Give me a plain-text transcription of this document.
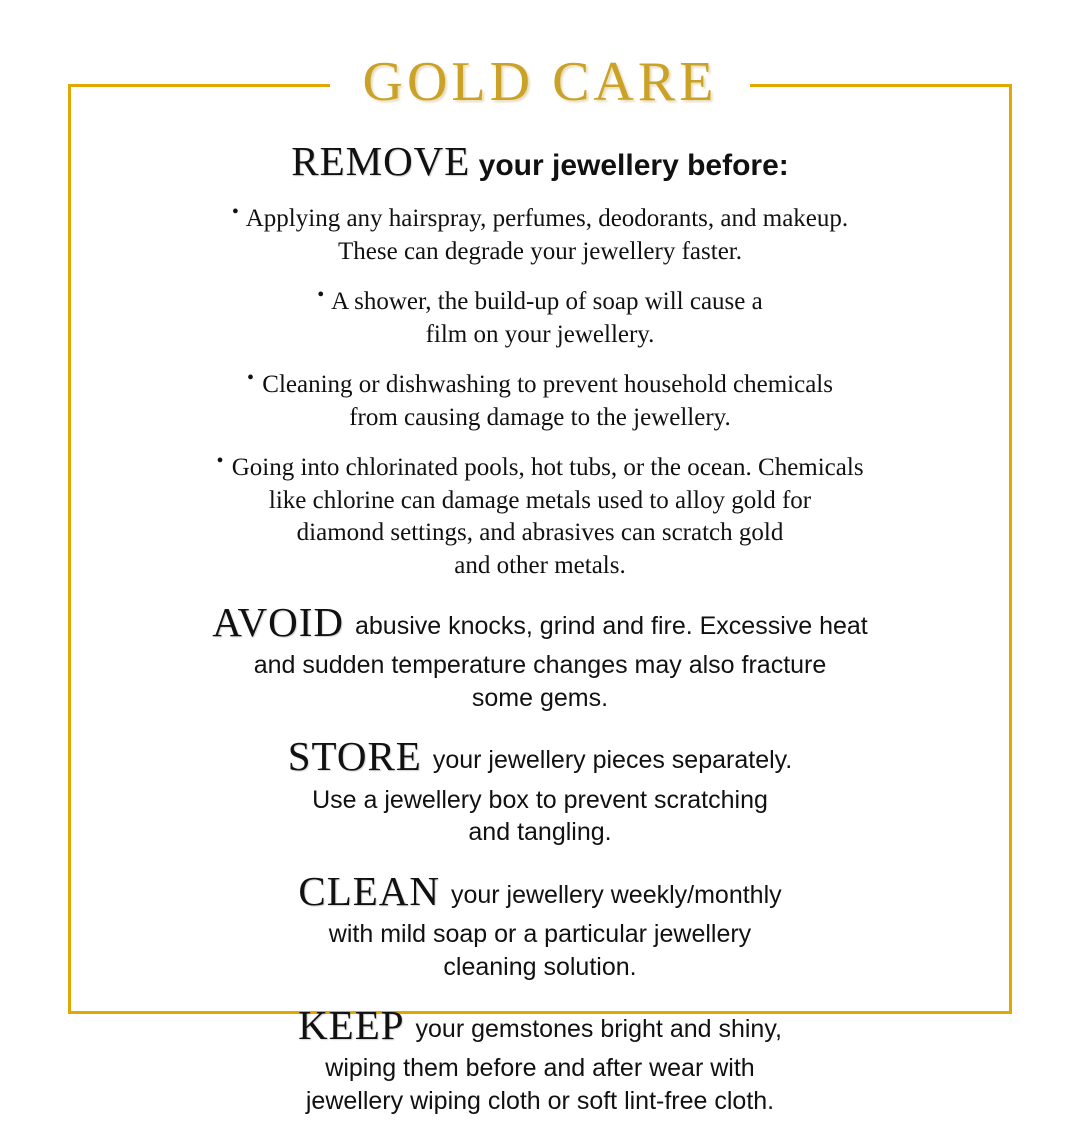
GOLD CARE
REMOVE your jewellery before:

• Applying any hairspray, perfumes, deodorants, and makeup.
These can degrade your jewellery faster.

• A shower, the build-up of soap will cause a
film on your jewellery.

• Cleaning or dishwashing to prevent household chemicals
from causing damage to the jewellery.

• Going into chlorinated pools, hot tubs, or the ocean. Chemicals
like chlorine can damage metals used to alloy gold for
diamond settings, and abrasives can scratch gold
and other metals.

AVOID abusive knocks, grind and fire. Excessive heat
and sudden temperature changes may also fracture
some gems.

STORE your jewellery pieces separately.
Use a jewellery box to prevent scratching
and tangling.

CLEAN your jewellery weekly/monthly
with mild soap or a particular jewellery
cleaning solution.

KEEP your gemstones bright and shiny,
wiping them before and after wear with
jewellery wiping cloth or soft lint-free cloth.
